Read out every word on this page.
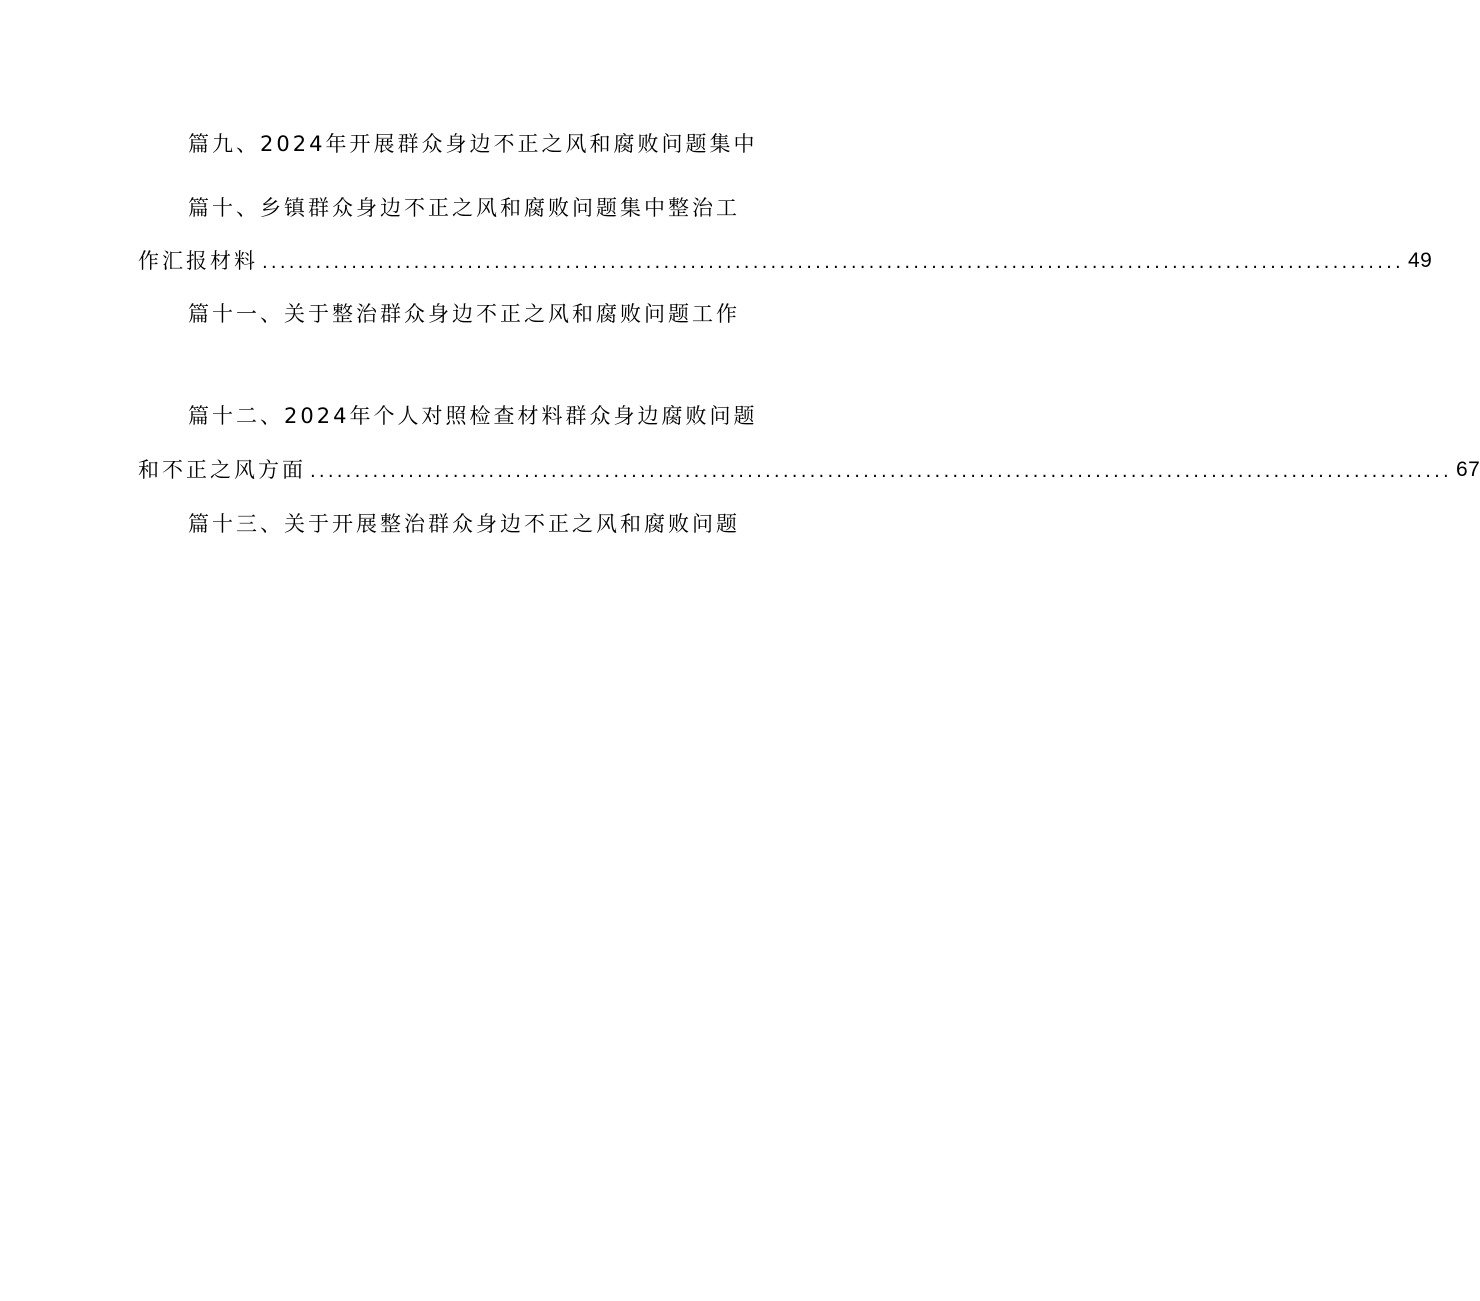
篇九、2024年开展群众身边不正之风和腐败问题集中
篇十、乡镇群众身边不正之风和腐败问题集中整治工
作汇报材料 ................................................................................................................................ 49
篇十一、关于整治群众身边不正之风和腐败问题工作
篇十二、2024年个人对照检查材料群众身边腐败问题
和不正之风方面 ................................................................................................................................ 67
篇十三、关于开展整治群众身边不正之风和腐败问题
